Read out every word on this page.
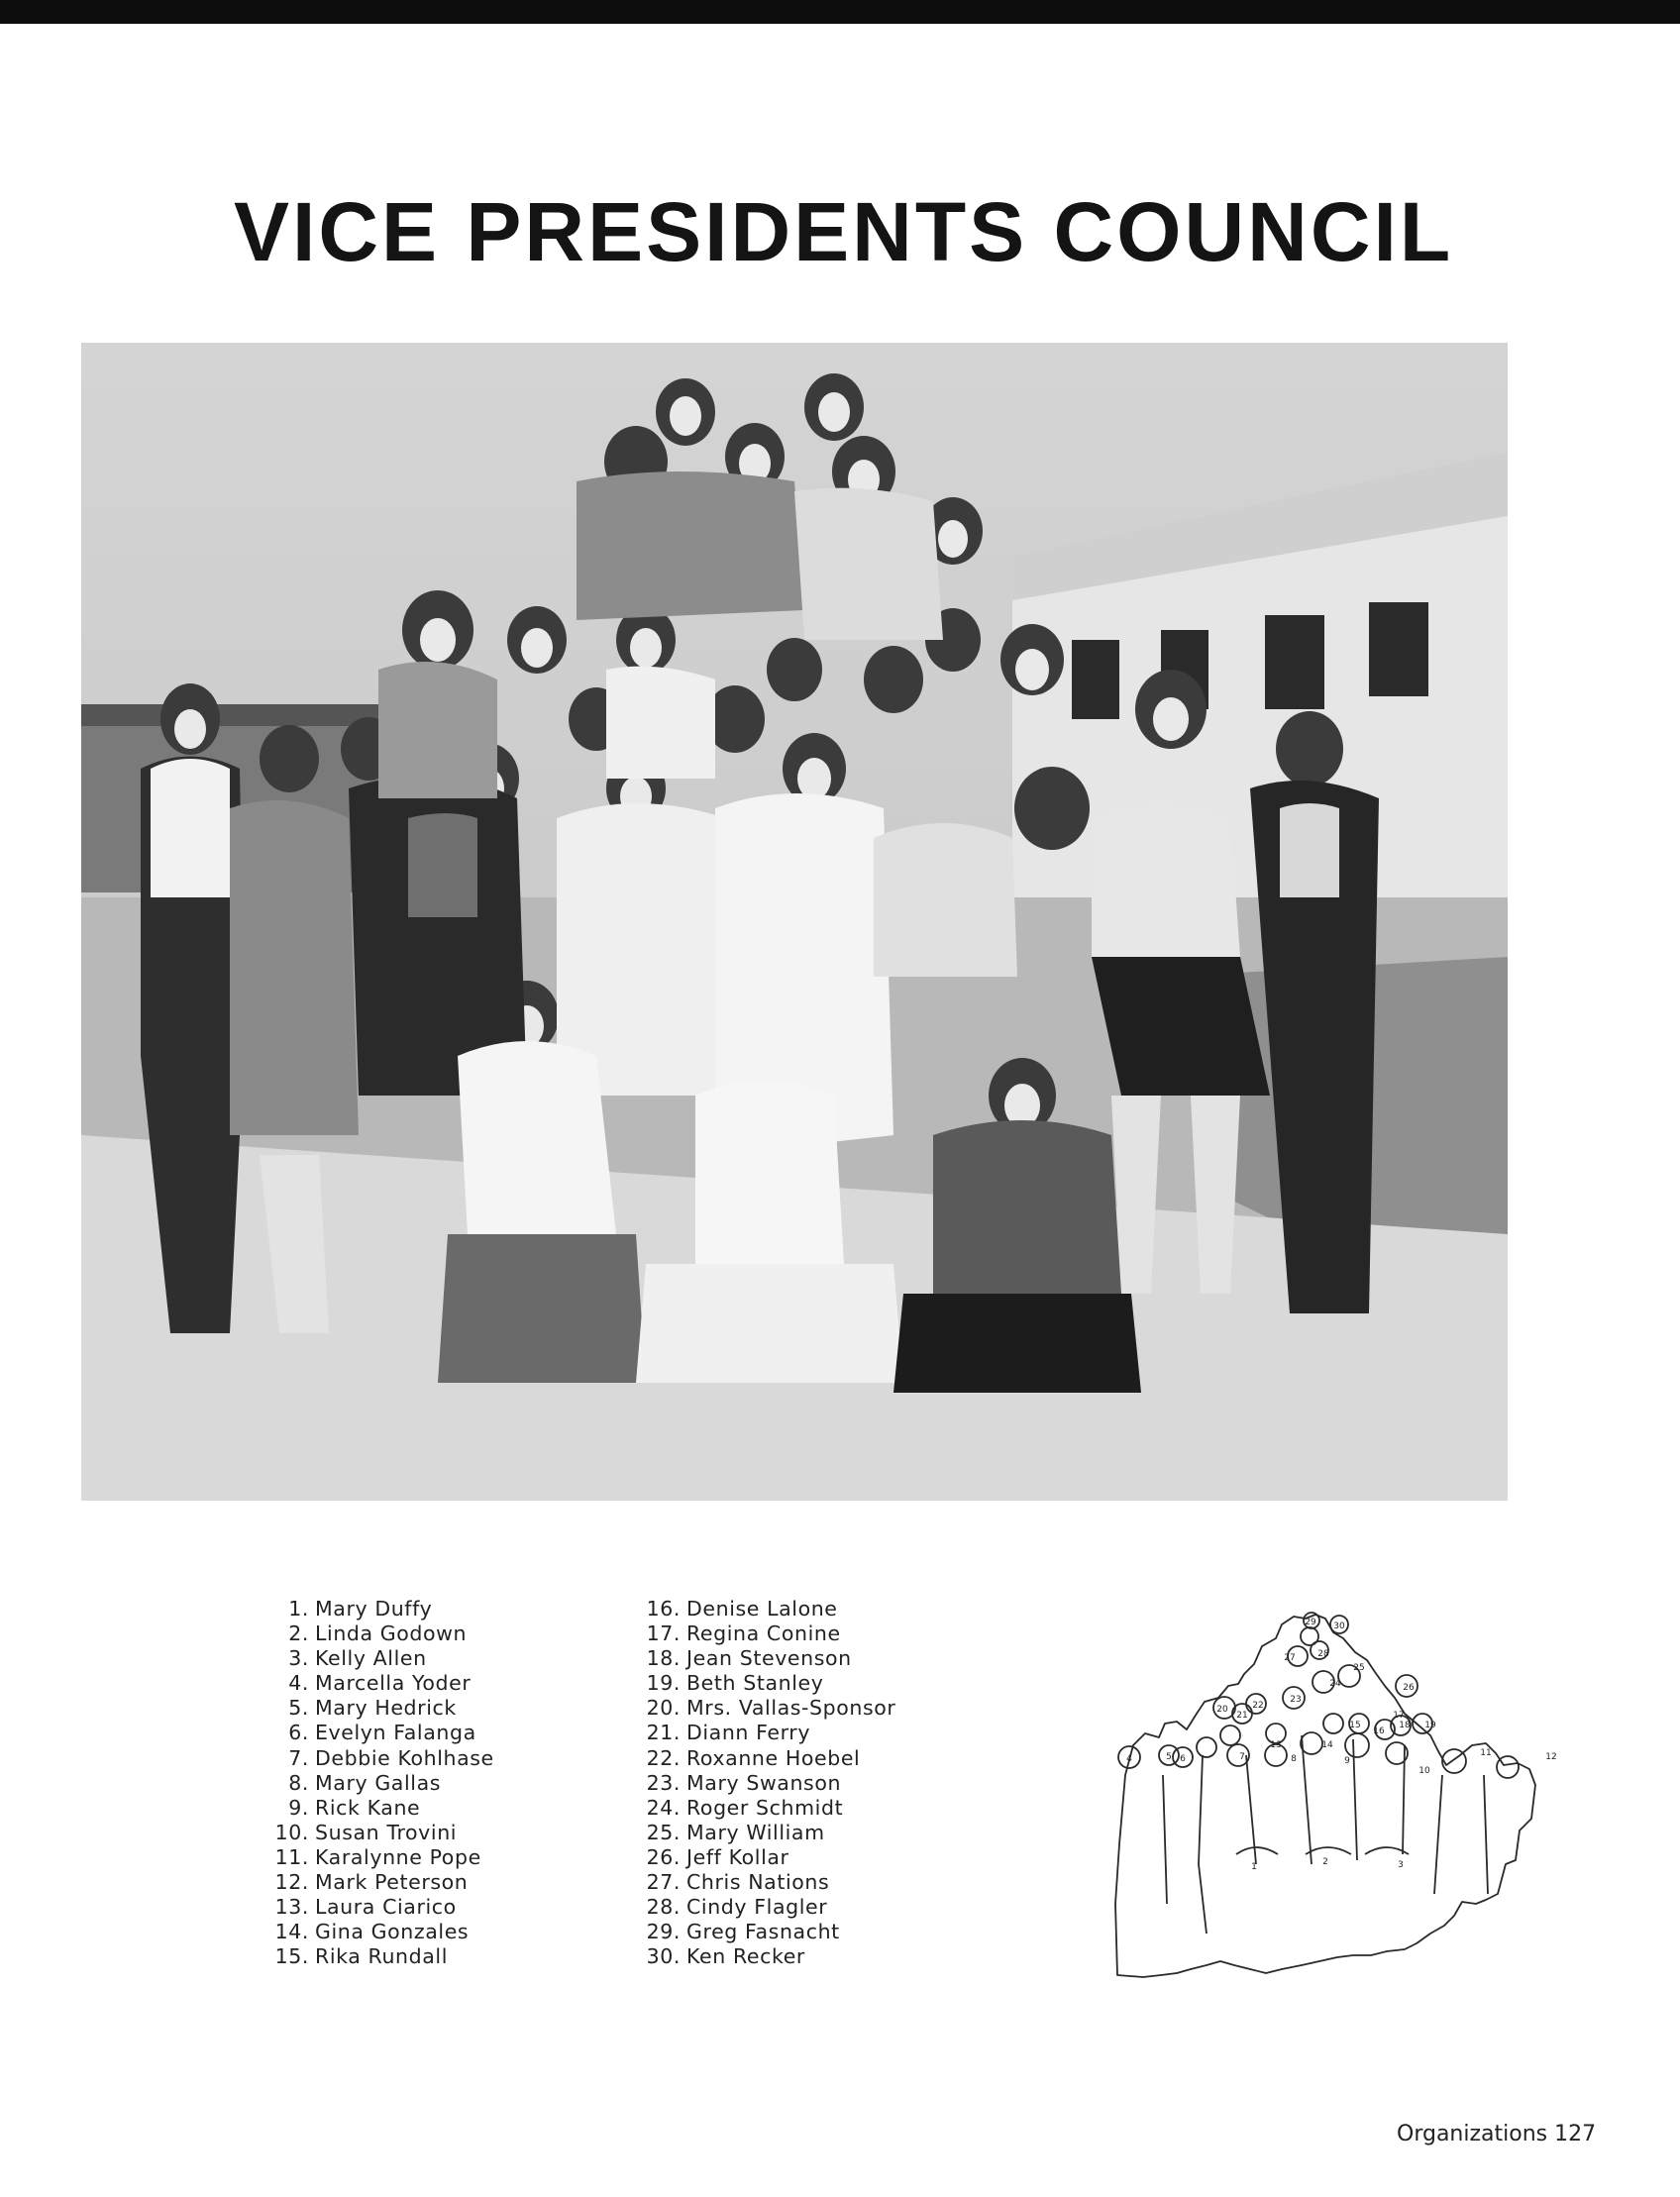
VICE PRESIDENTS COUNCIL
1. Mary Duffy
2. Linda Godown
3. Kelly Allen
4. Marcella Yoder
5. Mary Hedrick
6. Evelyn Falanga
7. Debbie Kohlhase
8. Mary Gallas
9. Rick Kane
10. Susan Trovini
11. Karalynne Pope
12. Mark Peterson
13. Laura Ciarico
14. Gina Gonzales
15. Rika Rundall
16. Denise Lalone
17. Regina Conine
18. Jean Stevenson
19. Beth Stanley
20. Mrs. Vallas-Sponsor
21. Diann Ferry
22. Roxanne Hoebel
23. Mary Swanson
24. Roger Schmidt
25. Mary William
26. Jeff Kollar
27. Chris Nations
28. Cindy Flagler
29. Greg Fasnacht
30. Ken Recker
1	2	3
4	5 6	7	8	9
10
11	12
13	14
15
16
17
18 19
20
21
22
23
24
25
26
27	28
29 30
Organizations 127
